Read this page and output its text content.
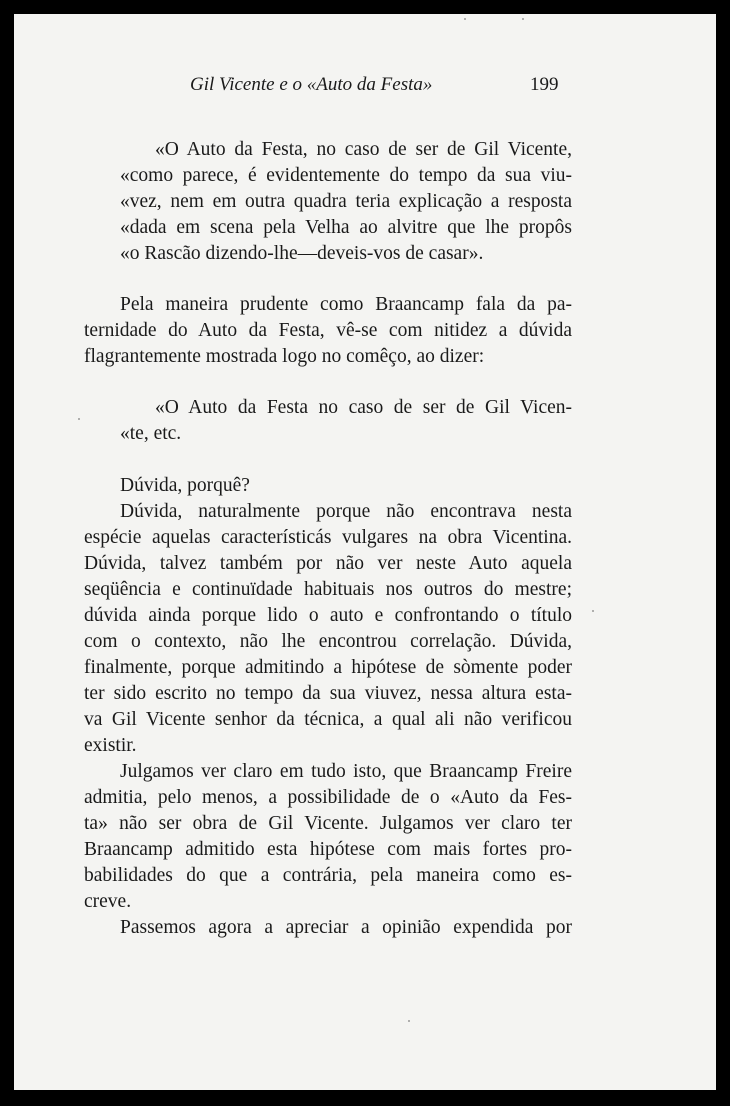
Gil Vicente e o «Auto da Festa»	199
«O Auto da Festa, no caso de ser de Gil Vicente,
«como parece, é evidentemente do tempo da sua viu-
«vez, nem em outra quadra teria explicação a resposta
«dada em scena pela Velha ao alvitre que lhe propôs
«o Rascão dizendo-lhe—deveis-vos de casar».
Pela maneira prudente como Braancamp fala da pa-
ternidade do Auto da Festa, vê-se com nitidez a dúvida
flagrantemente mostrada logo no comêço, ao dizer:
«O Auto da Festa no caso de ser de Gil Vicen-
«te, etc.
Dúvida, porquê?
Dúvida, naturalmente porque não encontrava nesta
espécie aquelas característicás vulgares na obra Vicentina.
Dúvida, talvez também por não ver neste Auto aquela
seqüência e continuïdade habituais nos outros do mestre;
dúvida ainda porque lido o auto e confrontando o título
com o contexto, não lhe encontrou correlação. Dúvida,
finalmente, porque admitindo a hipótese de sòmente poder
ter sido escrito no tempo da sua viuvez, nessa altura esta-
va Gil Vicente senhor da técnica, a qual ali não verificou
existir.
Julgamos ver claro em tudo isto, que Braancamp Freire
admitia, pelo menos, a possibilidade de o «Auto da Fes-
ta» não ser obra de Gil Vicente. Julgamos ver claro ter
Braancamp admitido esta hipótese com mais fortes pro-
babilidades do que a contrária, pela maneira como es-
creve.
Passemos agora a apreciar a opinião expendida por
